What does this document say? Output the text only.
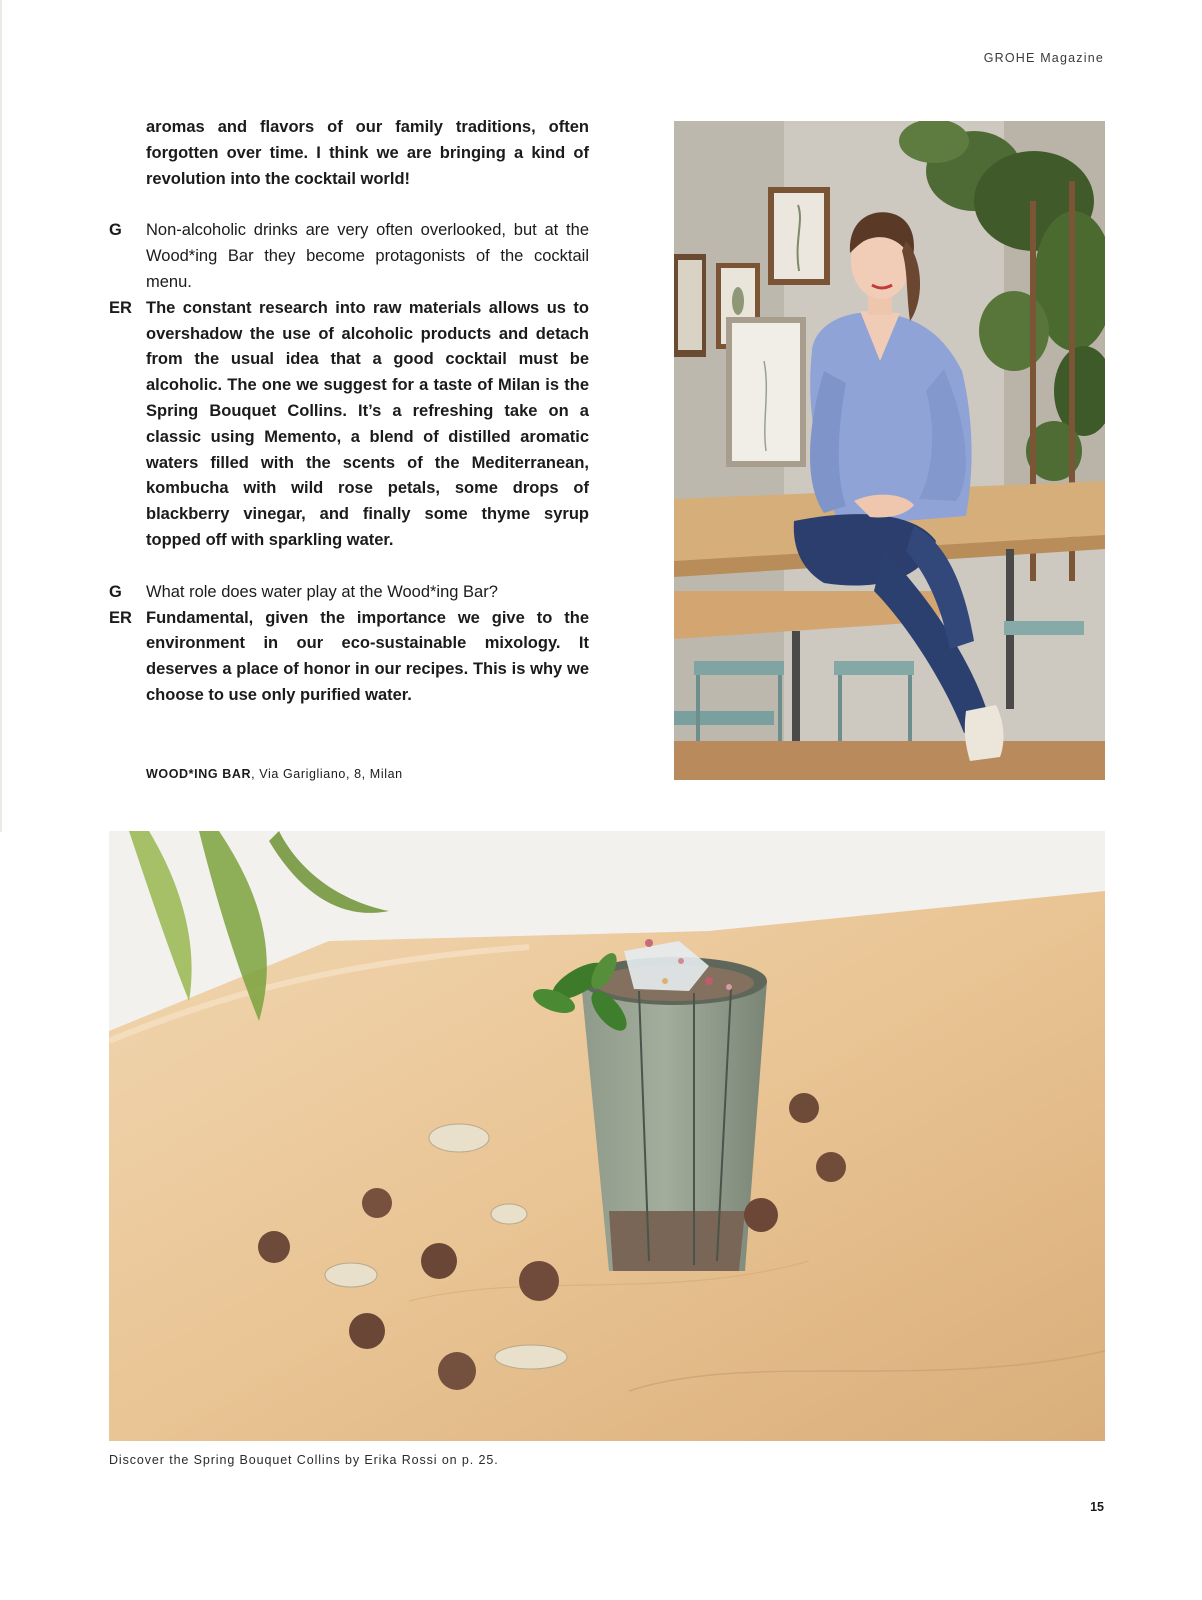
GROHE Magazine

aromas and flavors of our family traditions, often forgotten over time. I think we are bringing a kind of revolution into the cocktail world!

G	Non-alcoholic drinks are very often overlooked, but at the Wood*ing Bar they become protagonists of the cocktail menu.

ER The constant research into raw materials allows us to overshadow the use of alcoholic products and detach from the usual idea that a good cocktail must be alcoholic. The one we suggest for a taste of Milan is the Spring Bouquet Collins. It’s a refreshing take on a classic using Memento, a blend of distilled aromatic waters filled with the scents of the Mediterranean, kombucha with wild rose petals, some drops of blackberry vinegar, and finally some thyme syrup topped off with sparkling water.

G	What role does water play at the Wood*ing Bar?

ER Fundamental, given the importance we give to the environment in our eco-sustainable mixology. It deserves a place of honor in our recipes. This is why we choose to use only purified water.

WOOD*ING BAR, Via Garigliano, 8, Milan
Discover the Spring Bouquet Collins by Erika Rossi on p. 25.
15
